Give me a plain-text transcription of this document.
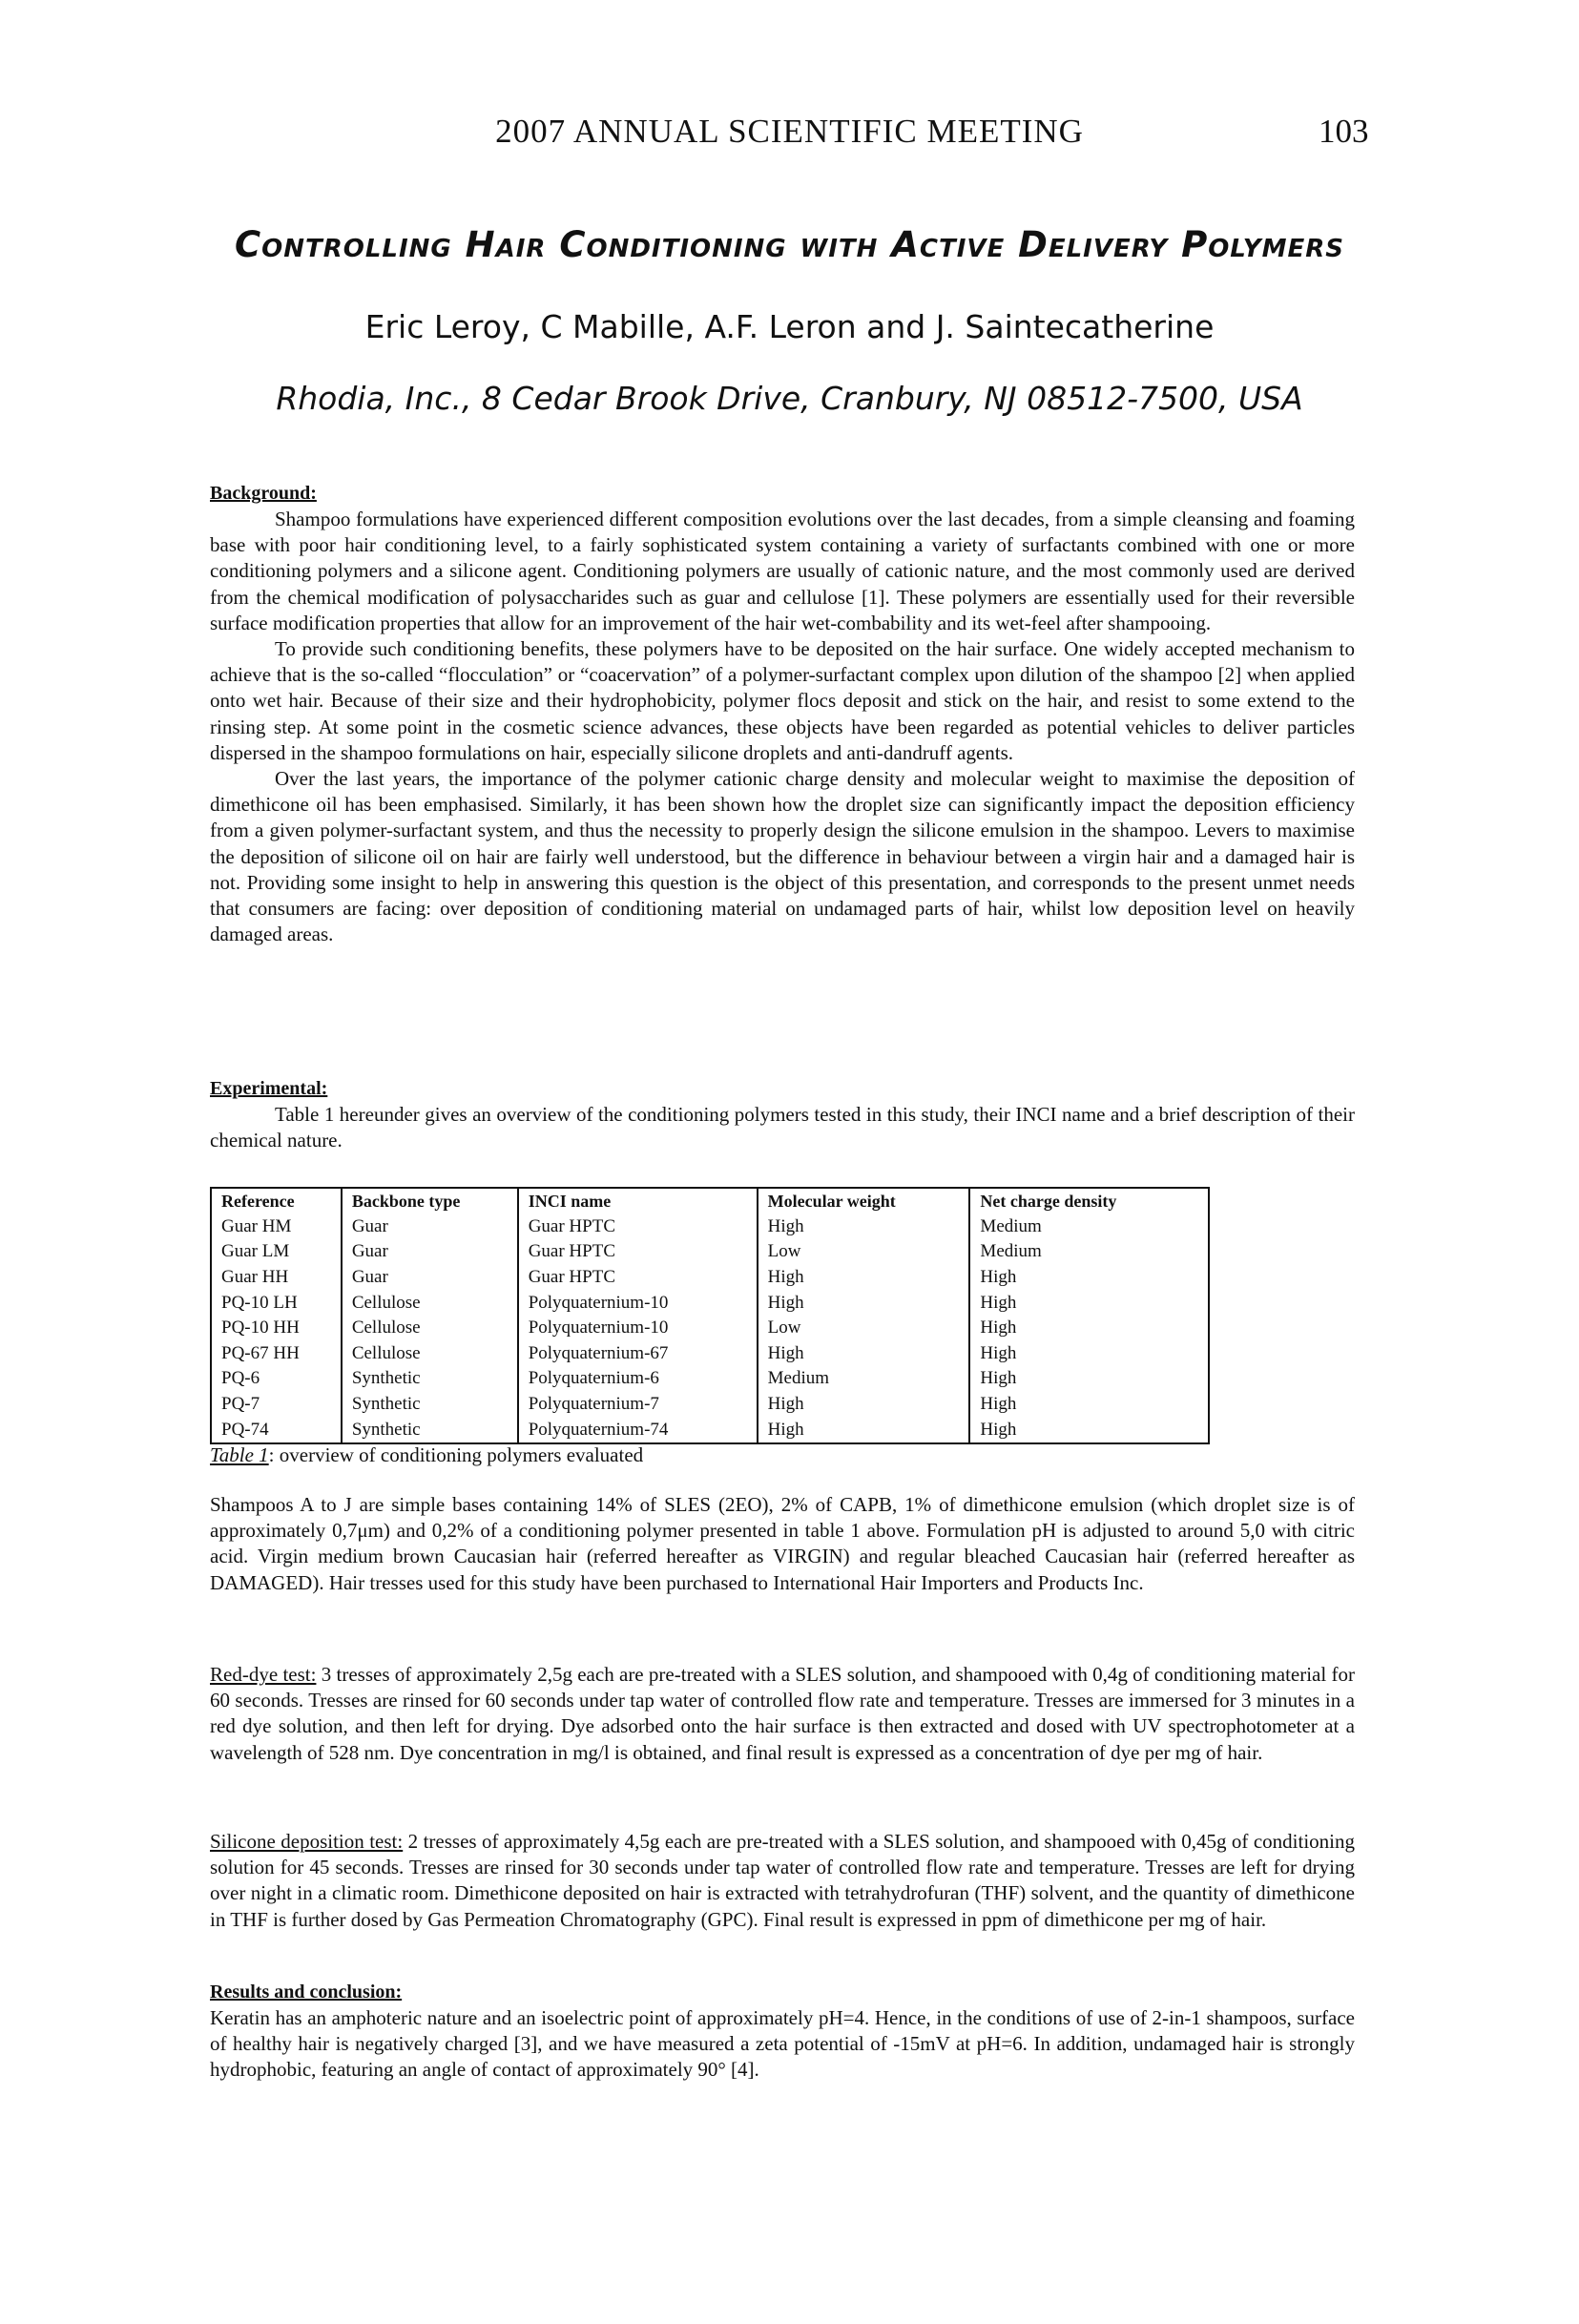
2007 ANNUAL SCIENTIFIC MEETING	103
Controlling Hair Conditioning with Active Delivery Polymers
Eric Leroy, C Mabille, A.F. Leron and J. Saintecatherine
Rhodia, Inc., 8 Cedar Brook Drive, Cranbury, NJ 08512-7500, USA

Background:

Shampoo formulations have experienced different composition evolutions over the last decades, from a simple cleansing and foaming base with poor hair conditioning level, to a fairly sophisticated system containing a variety of surfactants combined with one or more conditioning polymers and a silicone agent. Conditioning polymers are usually of cationic nature, and the most commonly used are derived from the chemical modification of polysaccharides such as guar and cellulose [1]. These polymers are essentially used for their reversible surface modification properties that allow for an improvement of the hair wet-combability and its wet-feel after shampooing.

To provide such conditioning benefits, these polymers have to be deposited on the hair surface. One widely accepted mechanism to achieve that is the so-called “flocculation” or “coacervation” of a polymer-surfactant complex upon dilution of the shampoo [2] when applied onto wet hair. Because of their size and their hydrophobicity, polymer flocs deposit and stick on the hair, and resist to some extend to the rinsing step. At some point in the cosmetic science advances, these objects have been regarded as potential vehicles to deliver particles dispersed in the shampoo formulations on hair, especially silicone droplets and anti-dandruff agents.

Over the last years, the importance of the polymer cationic charge density and molecular weight to maximise the deposition of dimethicone oil has been emphasised. Similarly, it has been shown how the droplet size can significantly impact the deposition efficiency from a given polymer-surfactant system, and thus the necessity to properly design the silicone emulsion in the shampoo. Levers to maximise the deposition of silicone oil on hair are fairly well understood, but the difference in behaviour between a virgin hair and a damaged hair is not. Providing some insight to help in answering this question is the object of this presentation, and corresponds to the present unmet needs that consumers are facing: over deposition of conditioning material on undamaged parts of hair, whilst low deposition level on heavily damaged areas.

Experimental:

Table 1 hereunder gives an overview of the conditioning polymers tested in this study, their INCI name and a brief description of their chemical nature.

Reference	Backbone type	INCI name	Molecular weight	Net charge density
Guar HM	Guar	Guar HPTC	High	Medium
Guar LM	Guar	Guar HPTC	Low	Medium
Guar HH	Guar	Guar HPTC	High	High
PQ-10 LH	Cellulose	Polyquaternium-10	High	High
PQ-10 HH	Cellulose	Polyquaternium-10	Low	High
PQ-67 HH	Cellulose	Polyquaternium-67	High	High
PQ-6	Synthetic	Polyquaternium-6	Medium	High
PQ-7	Synthetic	Polyquaternium-7	High	High
PQ-74	Synthetic	Polyquaternium-74	High	High
Table 1: overview of conditioning polymers evaluated

Shampoos A to J are simple bases containing 14% of SLES (2EO), 2% of CAPB, 1% of dimethicone emulsion (which droplet size is of approximately 0,7μm) and 0,2% of a conditioning polymer presented in table 1 above. Formulation pH is adjusted to around 5,0 with citric acid. Virgin medium brown Caucasian hair (referred hereafter as VIRGIN) and regular bleached Caucasian hair (referred hereafter as DAMAGED). Hair tresses used for this study have been purchased to International Hair Importers and Products Inc.

Red-dye test: 3 tresses of approximately 2,5g each are pre-treated with a SLES solution, and shampooed with 0,4g of conditioning material for 60 seconds. Tresses are rinsed for 60 seconds under tap water of controlled flow rate and temperature. Tresses are immersed for 3 minutes in a red dye solution, and then left for drying. Dye adsorbed onto the hair surface is then extracted and dosed with UV spectrophotometer at a wavelength of 528 nm. Dye concentration in mg/l is obtained, and final result is expressed as a concentration of dye per mg of hair.

Silicone deposition test: 2 tresses of approximately 4,5g each are pre-treated with a SLES solution, and shampooed with 0,45g of conditioning solution for 45 seconds. Tresses are rinsed for 30 seconds under tap water of controlled flow rate and temperature. Tresses are left for drying over night in a climatic room. Dimethicone deposited on hair is extracted with tetrahydrofuran (THF) solvent, and the quantity of dimethicone in THF is further dosed by Gas Permeation Chromatography (GPC). Final result is expressed in ppm of dimethicone per mg of hair.

Results and conclusion:

Keratin has an amphoteric nature and an isoelectric point of approximately pH=4. Hence, in the conditions of use of 2-in-1 shampoos, surface of healthy hair is negatively charged [3], and we have measured a zeta potential of -15mV at pH=6. In addition, undamaged hair is strongly hydrophobic, featuring an angle of contact of approximately 90° [4].
